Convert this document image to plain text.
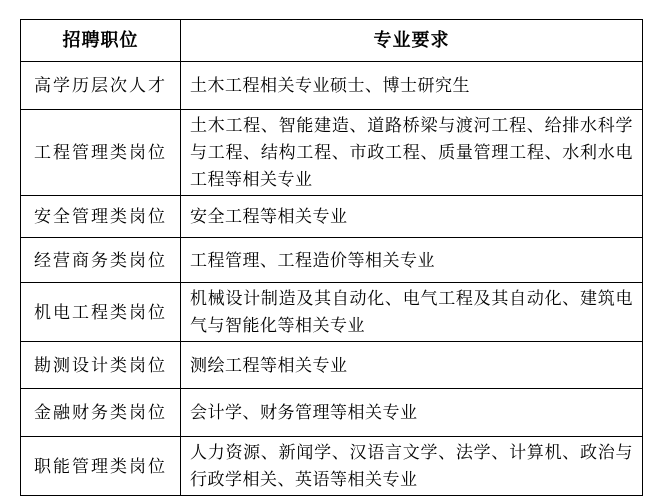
招聘职位	专业要求
高学历层次人才	土木工程相关专业硕士、博士研究生
工程管理类岗位	土木工程、智能建造、道路桥梁与渡河工程、给排水科学与工程、结构工程、市政工程、质量管理工程、水利水电工程等相关专业
安全管理类岗位	安全工程等相关专业
经营商务类岗位	工程管理、工程造价等相关专业
机电工程类岗位	机械设计制造及其自动化、电气工程及其自动化、建筑电气与智能化等相关专业
勘测设计类岗位	测绘工程等相关专业
金融财务类岗位	会计学、财务管理等相关专业
职能管理类岗位	人力资源、新闻学、汉语言文学、法学、计算机、政治与行政学相关、英语等相关专业
